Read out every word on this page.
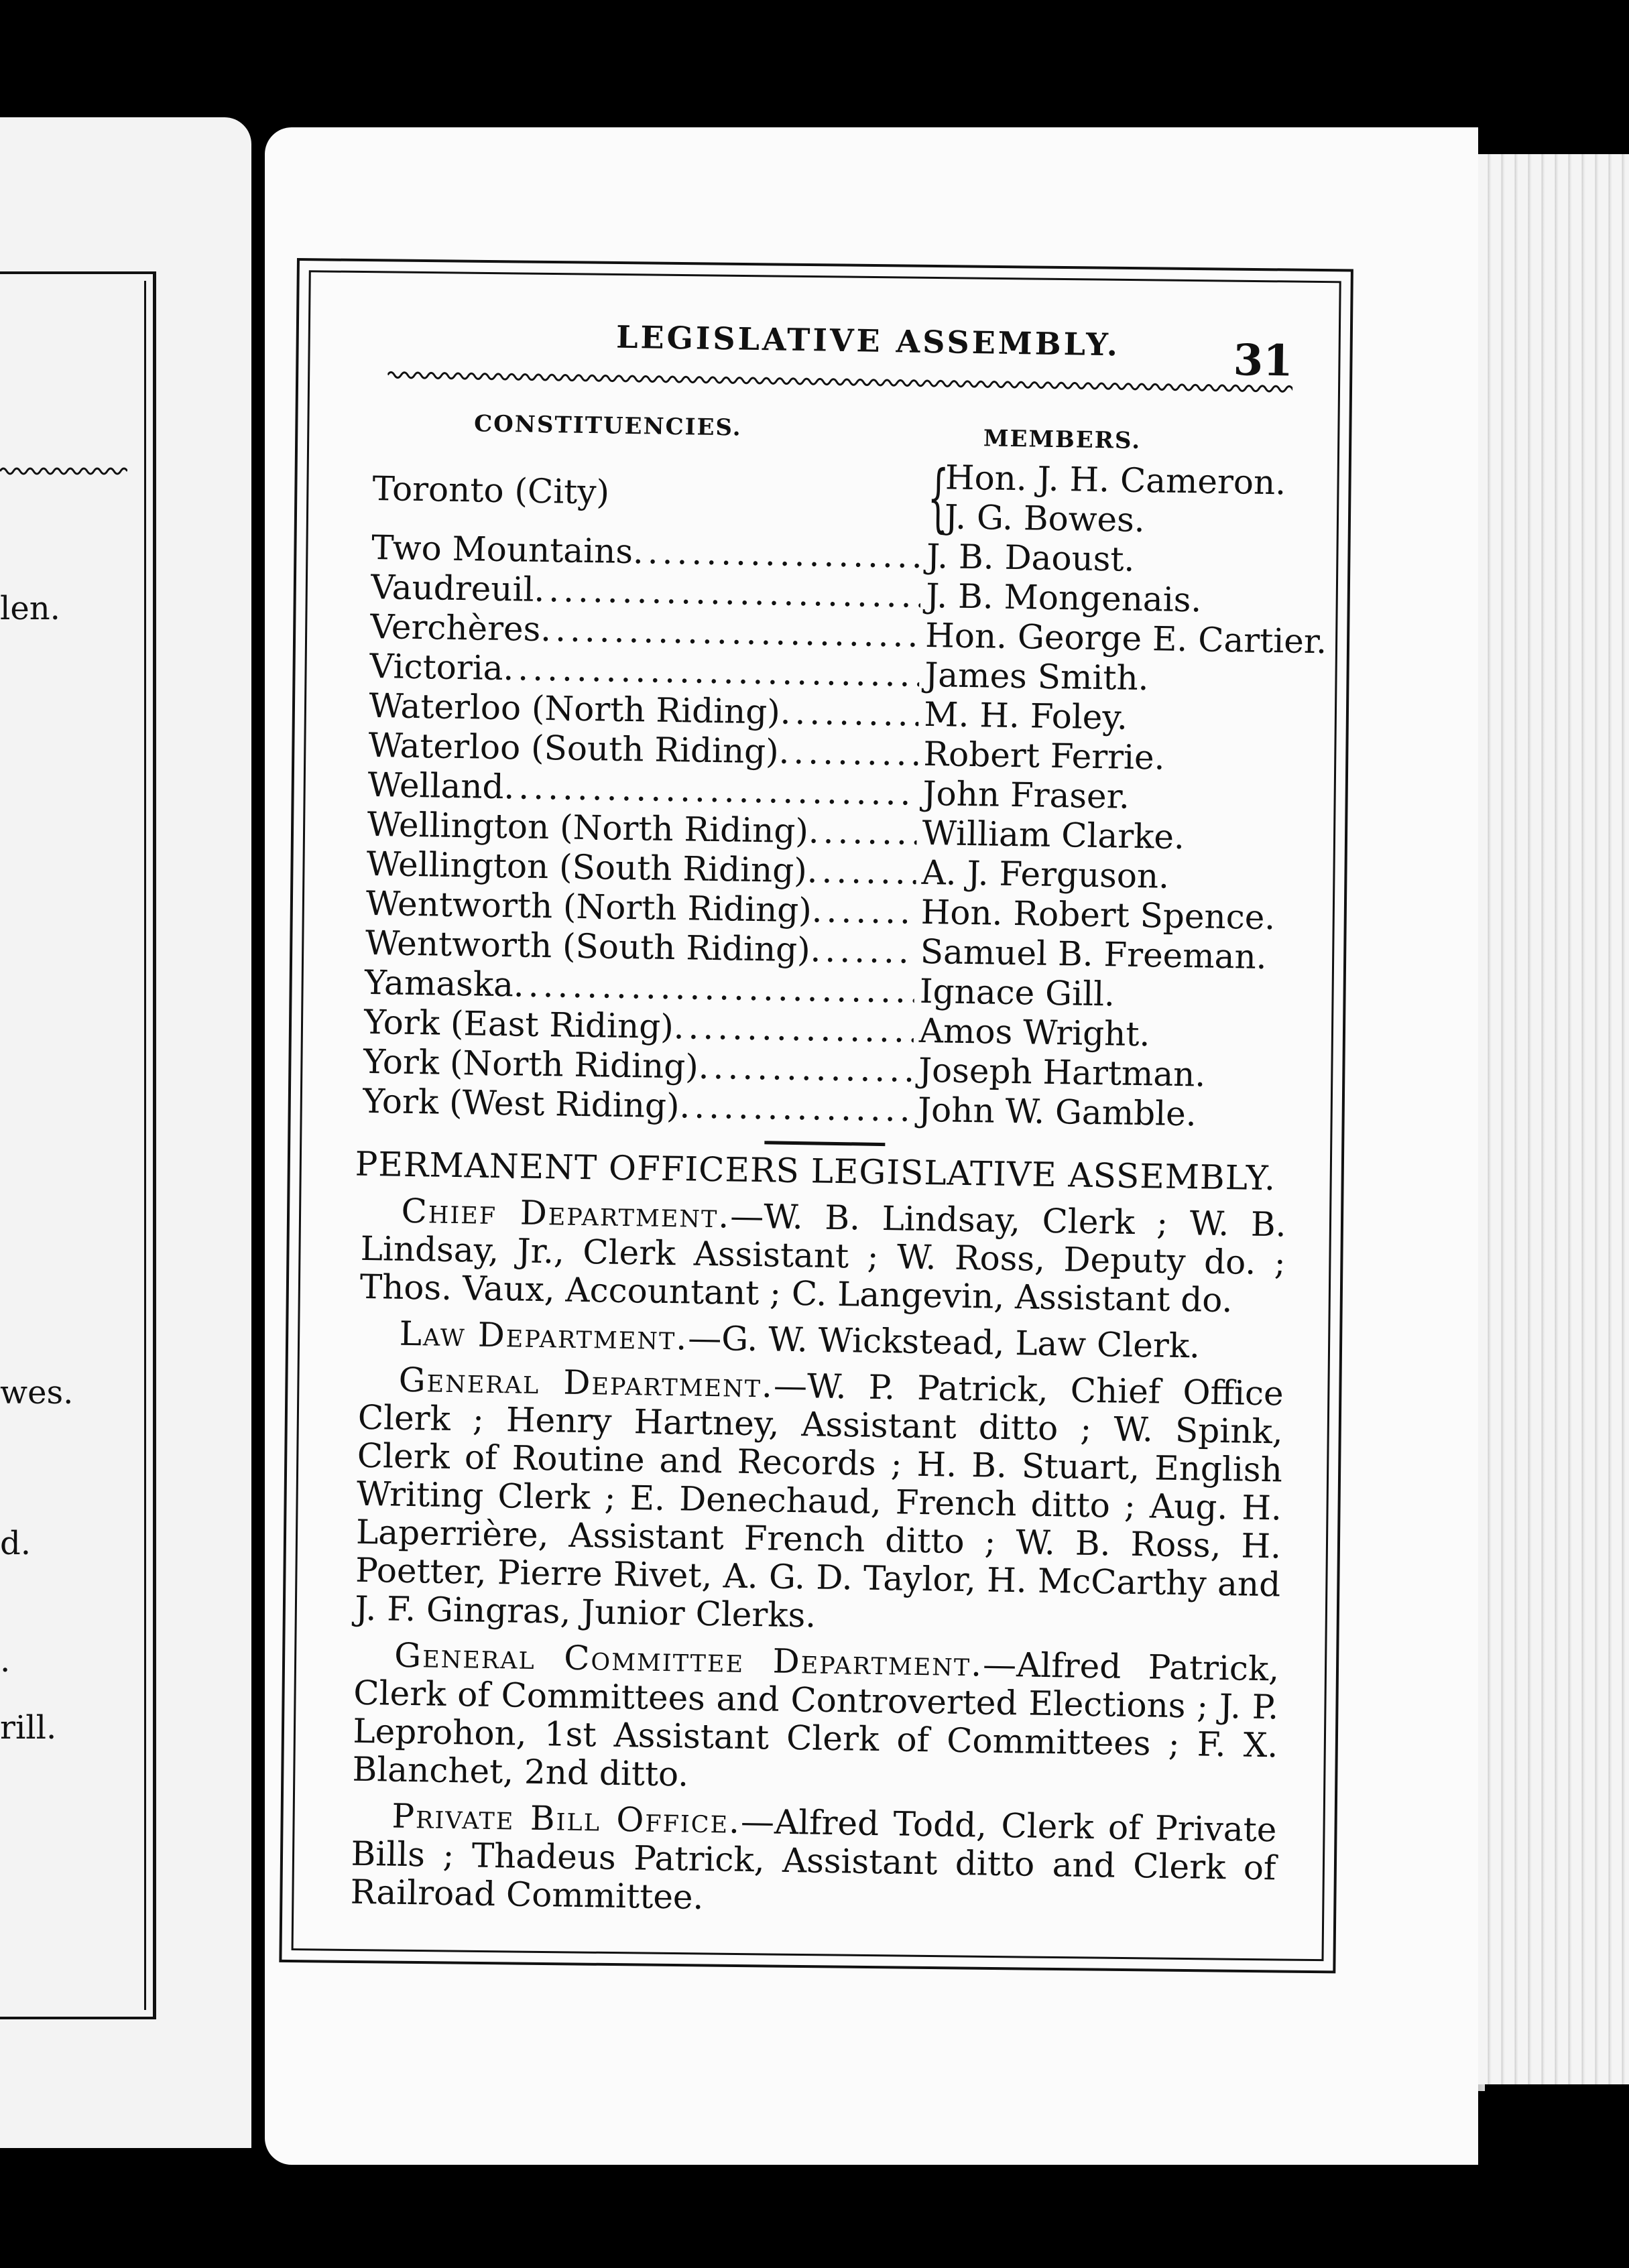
len.
wes.
d.
.
rill.
LEGISLATIVE ASSEMBLY.	31
CONSTITUENCIES.	MEMBERS.
Toronto (City)	{
Hon. J. H. Cameron.
J. G. Bowes.
Two Mountains .....	J. B. Daoust.
Vaudreuil .....	J. B. Mongenais.
Verchères .....	Hon. George E. Cartier.
Victoria .....	James Smith.
Waterloo (North Riding) .....	M. H. Foley.
Waterloo (South Riding) .....	Robert Ferrie.
Welland .....	John Fraser.
Wellington (North Riding) .....	William Clarke.
Wellington (South Riding) .....	A. J. Ferguson.
Wentworth (North Riding) .....	Hon. Robert Spence.
Wentworth (South Riding) .....	Samuel B. Freeman.
Yamaska .....	Ignace Gill.
York (East Riding) .....	Amos Wright.
York (North Riding) .....	Joseph Hartman.
York (West Riding) .....	John W. Gamble.
PERMANENT OFFICERS LEGISLATIVE ASSEMBLY.
Chief Department.—W. B. Lindsay, Clerk ; W. B. Lindsay, Jr., Clerk Assistant ; W. Ross, Deputy do. ; Thos. Vaux, Accountant ; C. Langevin, Assistant do.
Law Department.—G. W. Wickstead, Law Clerk.
General Department.—W. P. Patrick, Chief Office Clerk ; Henry Hartney, Assistant ditto ; W. Spink, Clerk of Routine and Records ; H. B. Stuart, English Writing Clerk ; E. Denechaud, French ditto ; Aug. H. Laperrière, Assistant French ditto ; W. B. Ross, H. Poetter, Pierre Rivet, A. G. D. Taylor, H. McCarthy and J. F. Gingras, Junior Clerks.
General Committee Department.—Alfred Patrick, Clerk of Committees and Controverted Elections ; J. P. Leprohon, 1st Assistant Clerk of Committees ; F. X. Blanchet, 2nd ditto.
Private Bill Office.—Alfred Todd, Clerk of Private Bills ; Thadeus Patrick, Assistant ditto and Clerk of Railroad Committee.
